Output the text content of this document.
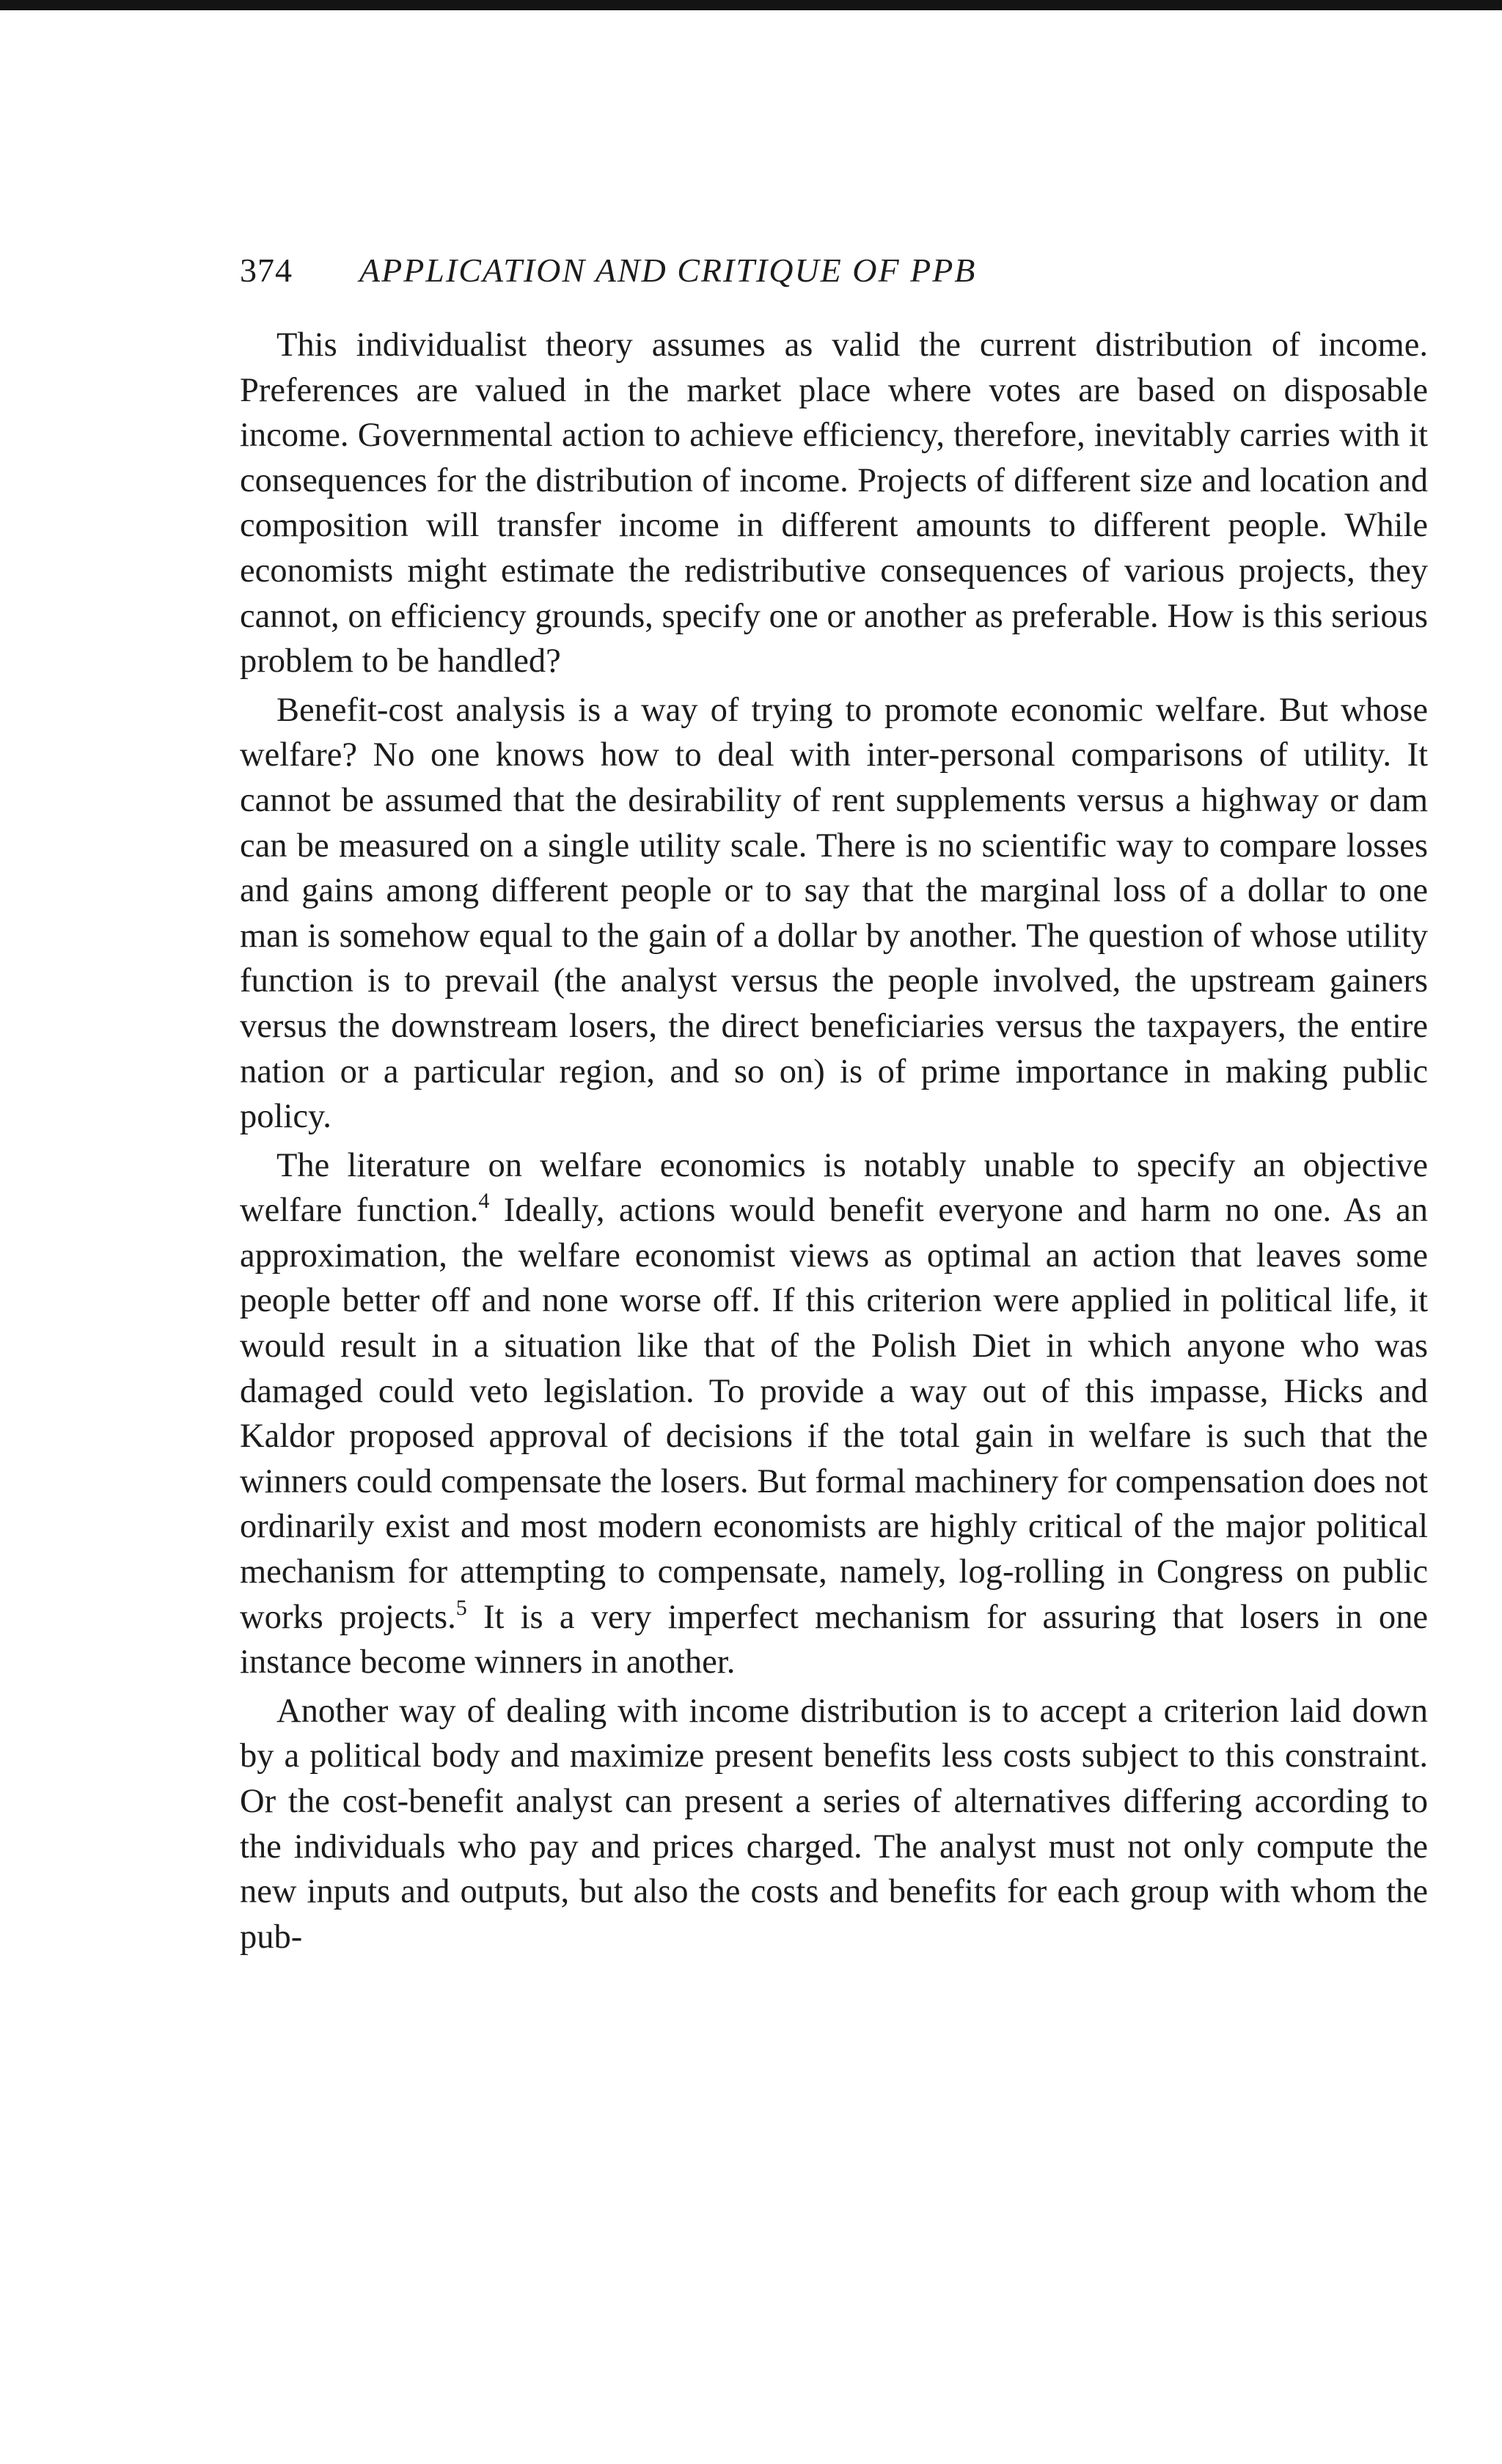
374 APPLICATION AND CRITIQUE OF PPB

This individualist theory assumes as valid the current distribution of income. Preferences are valued in the market place where votes are based on disposable income. Governmental action to achieve efficiency, therefore, inevitably carries with it consequences for the distribution of income. Projects of different size and location and composition will transfer income in different amounts to different people. While economists might estimate the redistributive consequences of various projects, they cannot, on efficiency grounds, specify one or another as preferable. How is this serious problem to be handled?

Benefit-cost analysis is a way of trying to promote economic welfare. But whose welfare? No one knows how to deal with inter-personal comparisons of utility. It cannot be assumed that the desirability of rent supplements versus a highway or dam can be measured on a single utility scale. There is no scientific way to compare losses and gains among different people or to say that the marginal loss of a dollar to one man is somehow equal to the gain of a dollar by another. The question of whose utility function is to prevail (the analyst versus the people involved, the upstream gainers versus the downstream losers, the direct beneficiaries versus the taxpayers, the entire nation or a particular region, and so on) is of prime importance in making public policy.

The literature on welfare economics is notably unable to specify an objective welfare function.$^4$ Ideally, actions would benefit everyone and harm no one. As an approximation, the welfare economist views as optimal an action that leaves some people better off and none worse off. If this criterion were applied in political life, it would result in a situation like that of the Polish Diet in which anyone who was damaged could veto legislation. To provide a way out of this impasse, Hicks and Kaldor proposed approval of decisions if the total gain in welfare is such that the winners could compensate the losers. But formal machinery for compensation does not ordinarily exist and most modern economists are highly critical of the major political mechanism for attempting to compensate, namely, log-rolling in Congress on public works projects.$^5$ It is a very imperfect mechanism for assuring that losers in one instance become winners in another.

Another way of dealing with income distribution is to accept a criterion laid down by a political body and maximize present benefits less costs subject to this constraint. Or the cost-benefit analyst can present a series of alternatives differing according to the individuals who pay and prices charged. The analyst must not only compute the new inputs and outputs, but also the costs and benefits for each group with whom the pub-
